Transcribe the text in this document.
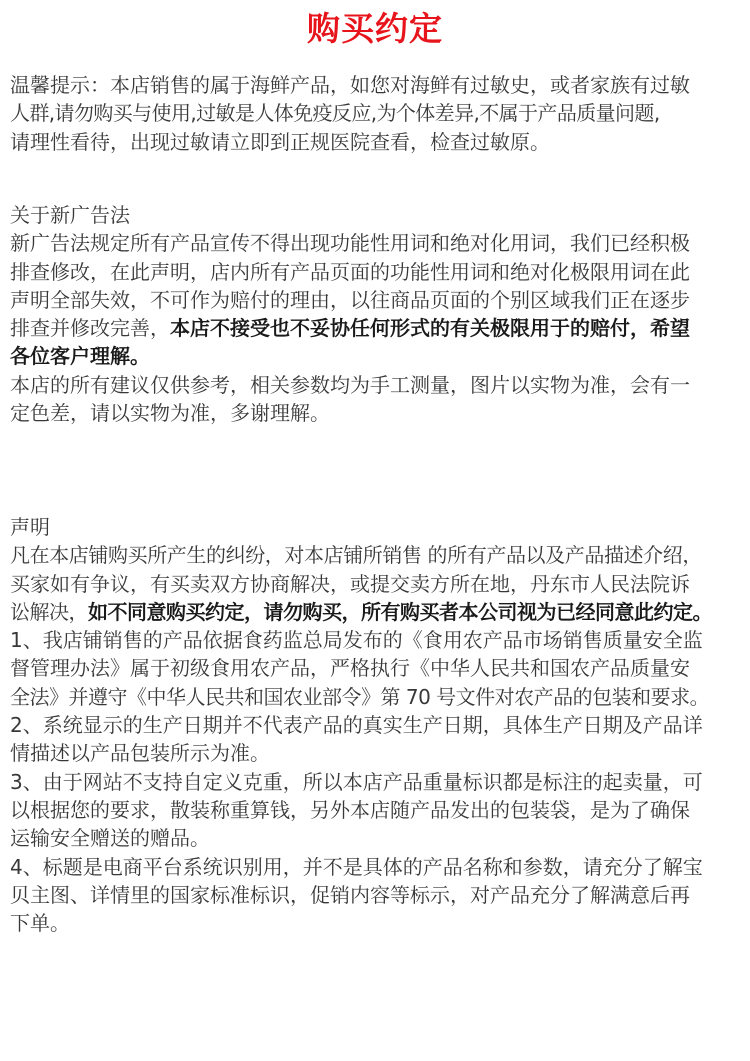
购买约定
温馨提示：本店销售的属于海鲜产品，如您对海鲜有过敏史，或者家族有过敏
人群,请勿购买与使用,过敏是人体免疫反应,为个体差异,不属于产品质量问题,
请理性看待，出现过敏请立即到正规医院查看，检查过敏原。
关于新广告法
新广告法规定所有产品宣传不得出现功能性用词和绝对化用词，我们已经积极
排查修改，在此声明，店内所有产品页面的功能性用词和绝对化极限用词在此
声明全部失效，不可作为赔付的理由，以往商品页面的个别区域我们正在逐步
排查并修改完善，本店不接受也不妥协任何形式的有关极限用于的赔付，希望
各位客户理解。
本店的所有建议仅供参考，相关参数均为手工测量，图片以实物为准，会有一
定色差，请以实物为准，多谢理解。
声明
凡在本店铺购买所产生的纠纷，对本店铺所销售 的所有产品以及产品描述介绍，
买家如有争议，有买卖双方协商解决，或提交卖方所在地，丹东市人民法院诉
讼解决，如不同意购买约定，请勿购买，所有购买者本公司视为已经同意此约定。
1、我店铺销售的产品依据食药监总局发布的《食用农产品市场销售质量安全监
督管理办法》属于初级食用农产品，严格执行《中华人民共和国农产品质量安
全法》并遵守《中华人民共和国农业部令》第 70 号文件对农产品的包装和要求。
2、系统显示的生产日期并不代表产品的真实生产日期，具体生产日期及产品详
情描述以产品包装所示为准。
3、由于网站不支持自定义克重，所以本店产品重量标识都是标注的起卖量，可
以根据您的要求，散装称重算钱，另外本店随产品发出的包装袋，是为了确保
运输安全赠送的赠品。
4、标题是电商平台系统识别用，并不是具体的产品名称和参数，请充分了解宝
贝主图、详情里的国家标准标识，促销内容等标示，对产品充分了解满意后再
下单。
